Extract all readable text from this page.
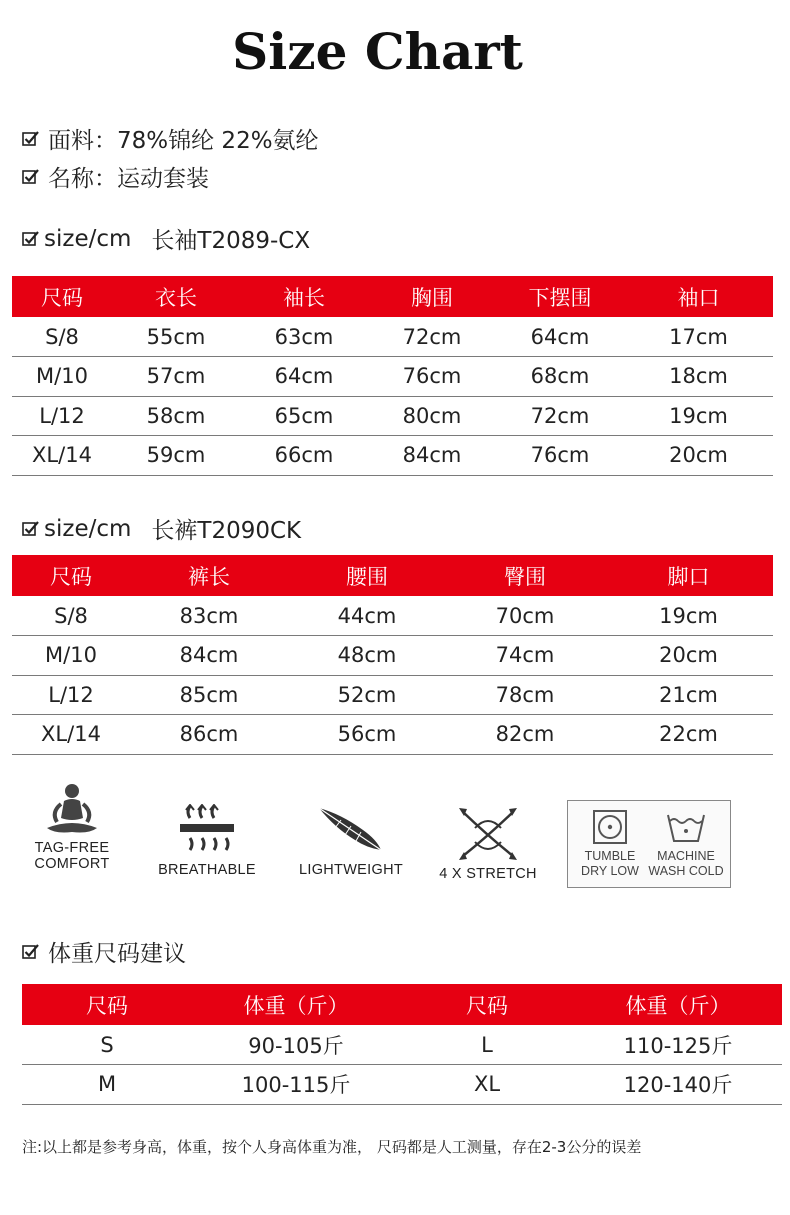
Size Chart
面料：78%锦纶 22%氨纶
名称：运动套装
size/cm 长袖T2089-CX
尺码	衣长	袖长	胸围	下摆围	袖口
S/8	55cm	63cm	72cm	64cm	17cm
M/10	57cm	64cm	76cm	68cm	18cm
L/12	58cm	65cm	80cm	72cm	19cm
XL/14	59cm	66cm	84cm	76cm	20cm
size/cm 长裤T2090CK
尺码	裤长	腰围	臀围	脚口
S/8	83cm	44cm	70cm	19cm
M/10	84cm	48cm	74cm	20cm
L/12	85cm	52cm	78cm	21cm
XL/14	86cm	56cm	82cm	22cm
TAG-FREE
COMFORT	BREATHABLE	LIGHTWEIGHT	4 X STRETCH
TUMBLE
DRY LOW
MACHINE
WASH COLD
体重尺码建议
尺码	体重（斤）	尺码	体重（斤）
S	90-105斤	L	110-125斤
M	100-115斤	XL	120-140斤
注:以上都是参考身高，体重，按个人身高体重为准， 尺码都是人工测量，存在2-3公分的误差
